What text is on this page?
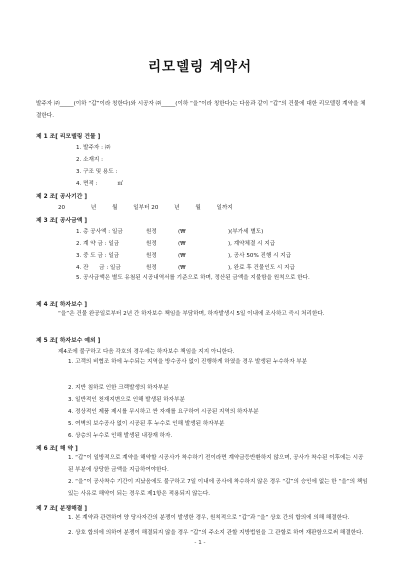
리모델링 계약서
발주자 ㈜_____(이하 “갑”이라 칭한다)와 시공자 ㈜_____(이하 “을”이라 칭한다)는 다음과 같이 “갑”의 건물에 대한 리모델링 계약을 체결한다.
제 1 조[ 리모델링 건물 ]
1. 발주자 : ㈜
2. 소재지 :
3. 구조 및 용도 :
4. 면적 :	㎡
제 2 조[ 공사기간 ]
20	년	월	일부터 20	년	월	일까지
제 3 조[ 공사금액 ]
1. 총 공사액 : 일금	원정	(₩	)(부가세 별도)
2. 계 약 금 : 일금	원정	(₩	), 계약체결 시 지급
3. 중 도 금 : 일금	원정	(₩	), 공사 50% 진행 시 지급
4. 잔      금 : 일금	원정	(₩	), 완료 후 건물인도 시 지급
5. 공사금액은 별도 유첨된 시공내역서를 기준으로 하며, 정산된 금액을 지불함을 원칙으로 한다.
제 4 조[ 하자보수 ]
“을”은 건물 완공일로부터 2년 간 하자보수 책임을 부담하며, 하자발생시 5일 이내에 조사하고 즉시 처리한다.
제 5 조[ 하자보수 예외 ]
제4조에 불구하고 다음 각호의 경우에는 하자보수 책임을 지지 아니한다.
1. 고객의 비협조 하에 누수되는 지역을 방수공사 없이 진행하게 하였을 경우 발생된 누수하자 부분
2. 지반 침하로 인한 크랙발생의 하자부분
3. 일반적인 천재지변으로 인해 발생된 하자부분
4. 정상적인 제품 제시를 무시하고 싼 자재를 요구하여 시공된 지역의 하자부분
5. 여벽의 보수공사 없이 시공된 후 누수로 인해 발생된 하자부분
6. 상층의 누수로 인해 발생된 내장재 하자.
제 6 조[ 해 약 ]
1. “갑”이 일방적으로 계약을 해약할 시공사가 착수하기 전이라면 계약금등반환하지 않으며, 공사가 착수된 이후에는 시공된 부분에 상당한 금액을 지급하여야한다.
2. “을”이 공사착수 기간이 지났음에도 불구하고 7일 이내에 공사에 착수하지 않은 경우 “갑”의 승인에 없는 한 “을”의 책임있는 사유로 해약이 되는 경우로 제1항은 적용되지 않는다.
제 7 조[ 분쟁해결 ]
1. 본 계약과 관련하여 양 당사자간의 분쟁이 발생한 경우, 원칙적으로 “갑”과 “을” 상호 간의 합의에 의해 해결한다.
2. 상호 합의에 의하여 분쟁이 해결되지 않을 경우 “갑”의 주소지 관할 지방법원을 그 관할로 하여 재판함으로써 해결한다.
- 1 -
